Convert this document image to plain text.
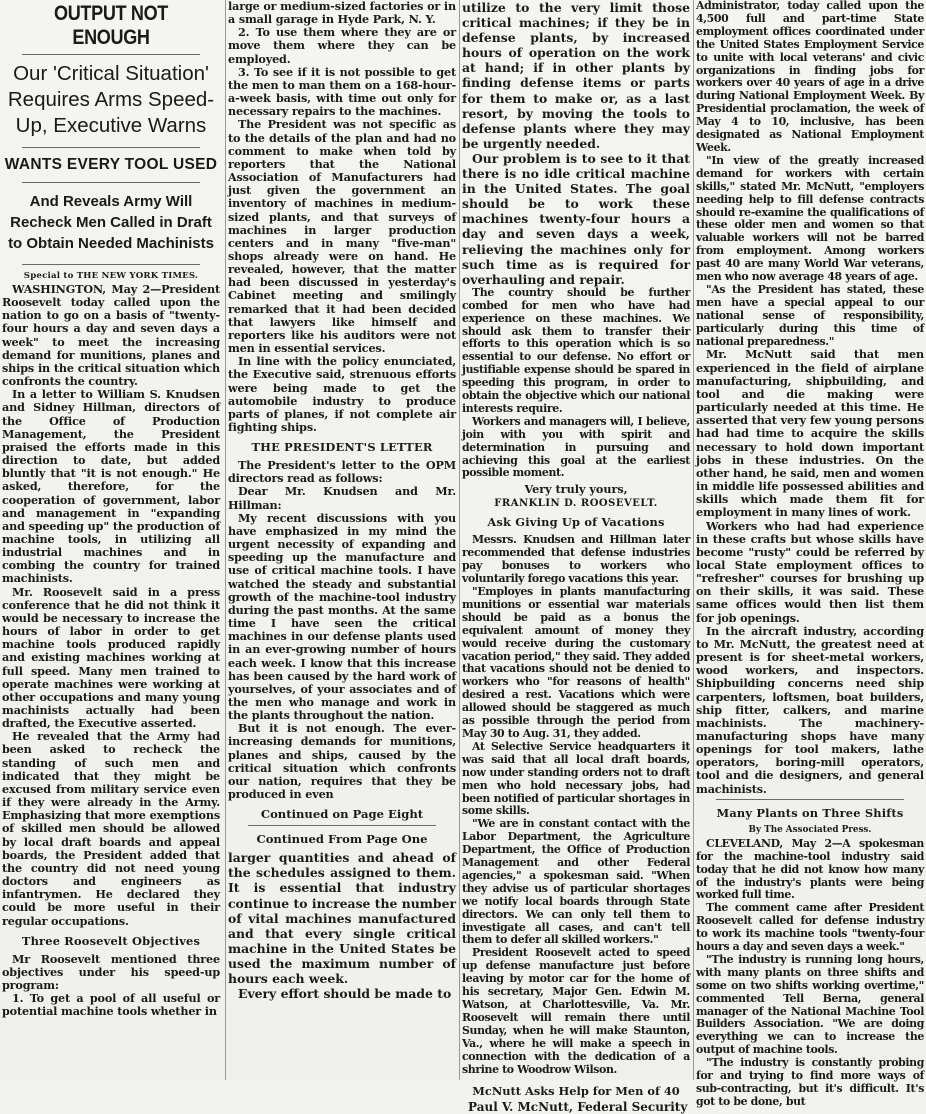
OUTPUT NOT ENOUGH
Our 'Critical Situation' Requires Arms Speed-Up, Executive Warns
WANTS EVERY TOOL USED
And Reveals Army Will Recheck Men Called in Draft to Obtain Needed Machinists
Special to THE NEW YORK TIMES.

WASHINGTON, May 2—President Roosevelt today called upon the nation to go on a basis of "twenty-four hours a day and seven days a week" to meet the increasing demand for munitions, planes and ships in the critical situation which confronts the country.

In a letter to William S. Knudsen and Sidney Hillman, directors of the Office of Production Management, the President praised the efforts made in this direction to date, but added bluntly that "it is not enough." He asked, therefore, for the cooperation of government, labor and management in "expanding and speeding up" the production of machine tools, in utilizing all industrial machines and in combing the country for trained machinists.

Mr. Roosevelt said in a press conference that he did not think it would be necessary to increase the hours of labor in order to get machine tools produced rapidly and existing machines working at full speed. Many men trained to operate machines were working at other occupations and many young machinists actually had been drafted, the Executive asserted.

He revealed that the Army had been asked to recheck the standing of such men and indicated that they might be excused from military service even if they were already in the Army. Emphasizing that more exemptions of skilled men should be allowed by local draft boards and appeal boards, the President added that the country did not need young doctors and engineers as infantrymen. He declared they could be more useful in their regular occupations.

Three Roosevelt Objectives

Mr Roosevelt mentioned three objectives under his speed-up program:

1. To get a pool of all useful or potential machine tools whether in

large or medium-sized factories or in a small garage in Hyde Park, N. Y.

2. To use them where they are or move them where they can be employed.

3. To see if it is not possible to get the men to man them on a 168-hour-a-week basis, with time out only for necessary repairs to the machines.

The President was not specific as to the details of the plan and had no comment to make when told by reporters that the National Association of Manufacturers had just given the government an inventory of machines in medium-sized plants, and that surveys of machines in larger production centers and in many "five-man" shops already were on hand. He revealed, however, that the matter had been discussed in yesterday's Cabinet meeting and smilingly remarked that it had been decided that lawyers like himself and reporters like his auditors were not men in essential services.

In line with the policy enunciated, the Executive said, strenuous efforts were being made to get the automobile industry to produce parts of planes, if not complete air fighting ships.

THE PRESIDENT'S LETTER

The President's letter to the OPM directors read as follows:

Dear Mr. Knudsen and Mr. Hillman:

My recent discussions with you have emphasized in my mind the urgent necessity of expanding and speeding up the manufacture and use of critical machine tools. I have watched the steady and substantial growth of the machine-tool industry during the past months. At the same time I have seen the critical machines in our defense plants used in an ever-growing number of hours each week. I know that this increase has been caused by the hard work of yourselves, of your associates and of the men who manage and work in the plants throughout the nation.

But it is not enough. The ever-increasing demands for munitions, planes and ships, caused by the critical situation which confronts our nation, requires that they be produced in even

Continued on Page Eight
Continued From Page One

larger quantities and ahead of the schedules assigned to them. It is essential that industry continue to increase the number of vital machines manufactured and that every single critical machine in the United States be used the maximum number of hours each week.

Every effort should be made to

utilize to the very limit those critical machines; if they be in defense plants, by increased hours of operation on the work at hand; if in other plants by finding defense items or parts for them to make or, as a last resort, by moving the tools to defense plants where they may be urgently needed.

Our problem is to see to it that there is no idle critical machine in the United States. The goal should be to work these machines twenty-four hours a day and seven days a week, relieving the machines only for such time as is required for overhauling and repair.

The country should be further combed for men who have had experience on these machines. We should ask them to transfer their efforts to this operation which is so essential to our defense. No effort or justifiable expense should be spared in speeding this program, in order to obtain the objective which our national interests require.

Workers and managers will, I believe, join with you with spirit and determination in pursuing and achieving this goal at the earliest possible moment.

Very truly yours,
FRANKLIN D. ROOSEVELT.
Ask Giving Up of Vacations

Messrs. Knudsen and Hillman later recommended that defense industries pay bonuses to workers who voluntarily forego vacations this year.

"Employes in plants manufacturing munitions or essential war materials should be paid as a bonus the equivalent amount of money they would receive during the customary vacation period," they said. They added that vacations should not be denied to workers who "for reasons of health" desired a rest. Vacations which were allowed should be staggered as much as possible through the period from May 30 to Aug. 31, they added.

At Selective Service headquarters it was said that all local draft boards, now under standing orders not to draft men who hold necessary jobs, had been notified of particular shortages in some skills.

"We are in constant contact with the Labor Department, the Agriculture Department, the Office of Production Management and other Federal agencies," a spokesman said. "When they advise us of particular shortages we notify local boards through State directors. We can only tell them to investigate all cases, and can't tell them to defer all skilled workers."

President Roosevelt acted to speed up defense manufacture just before leaving by motor car for the home of his secretary, Major Gen. Edwin M. Watson, at Charlottesville, Va. Mr. Roosevelt will remain there until Sunday, when he will make Staunton, Va., where he will make a speech in connection with the dedication of a shrine to Woodrow Wilson.

McNutt Asks Help for Men of 40
Paul V. McNutt, Federal Security

Administrator, today called upon the 4,500 full and part-time State employment offices coordinated under the United States Employment Service to unite with local veterans' and civic organizations in finding jobs for workers over 40 years of age in a drive during National Employment Week. By Presidential proclamation, the week of May 4 to 10, inclusive, has been designated as National Employment Week.

"In view of the greatly increased demand for workers with certain skills," stated Mr. McNutt, "employers needing help to fill defense contracts should re-examine the qualifications of these older men and women so that valuable workers will not be barred from employment. Among workers past 40 are many World War veterans, men who now average 48 years of age.

"As the President has stated, these men have a special appeal to our national sense of responsibility, particularly during this time of national preparedness."

Mr. McNutt said that men experienced in the field of airplane manufacturing, shipbuilding, and tool and die making were particularly needed at this time. He asserted that very few young persons had had time to acquire the skills necessary to hold down important jobs in these industries. On the other hand, he said, men and women in middle life possessed abilities and skills which made them fit for employment in many lines of work.

Workers who had had experience in these crafts but whose skills have become "rusty" could be referred by local State employment offices to "refresher" courses for brushing up on their skills, it was said. These same offices would then list them for job openings.

In the aircraft industry, according to Mr. McNutt, the greatest need at present is for sheet-metal workers, wood workers, and inspectors. Shipbuilding concerns need ship carpenters, loftsmen, boat builders, ship fitter, calkers, and marine machinists. The machinery-manufacturing shops have many openings for tool makers, lathe operators, boring-mill operators, tool and die designers, and general machinists.

Many Plants on Three Shifts
By The Associated Press.

CLEVELAND, May 2—A spokesman for the machine-tool industry said today that he did not know how many of the industry's plants were being worked full time.

The comment came after President Roosevelt called for defense industry to work its machine tools "twenty-four hours a day and seven days a week."

"The industry is running long hours, with many plants on three shifts and some on two shifts working overtime," commented Tell Berna, general manager of the National Machine Tool Builders Association. "We are doing everything we can to increase the output of machine tools.

"The industry is constantly probing for and trying to find more ways of sub-contracting, but it's difficult. It's got to be done, but
